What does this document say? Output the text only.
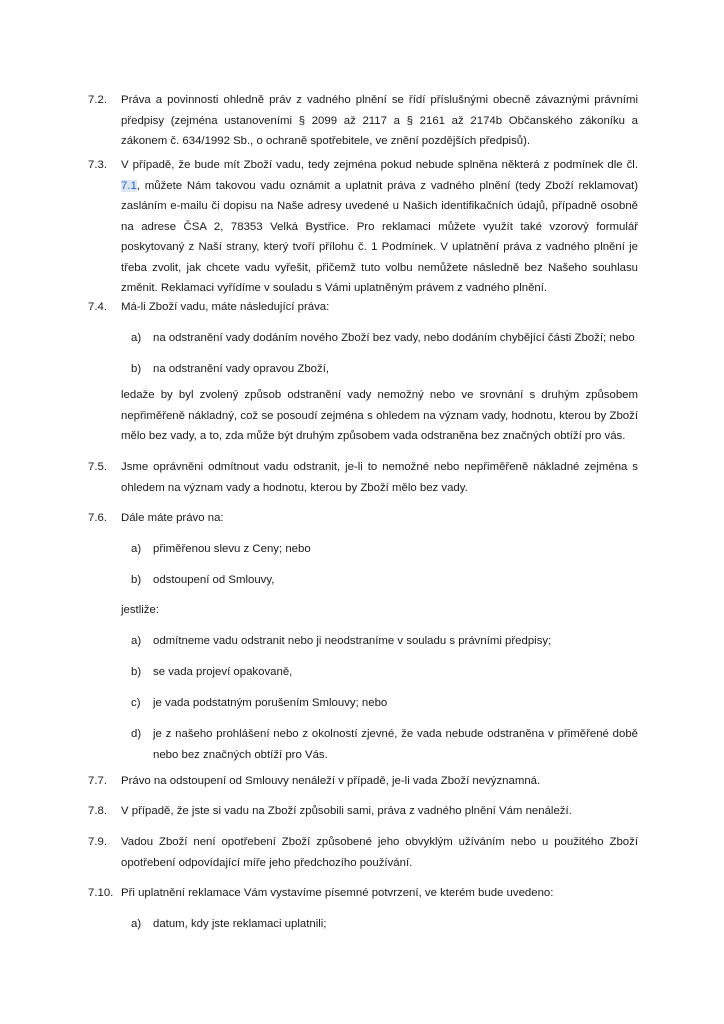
7.2.	Práva a povinnosti ohledně práv z vadného plnění se řídí příslušnými obecně závaznými právními předpisy (zejména ustanoveními § 2099 až 2117 a § 2161 až 2174b Občanského zákoníku a zákonem č. 634/1992 Sb., o ochraně spotřebitele, ve znění pozdějších předpisů).
7.3.	V případě, že bude mít Zboží vadu, tedy zejména pokud nebude splněna některá z podmínek dle čl. 7.1, můžete Nám takovou vadu oznámit a uplatnit práva z vadného plnění (tedy Zboží reklamovat) zasláním e-mailu či dopisu na Naše adresy uvedené u Našich identifikačních údajů, případně osobně na adrese ČSA 2, 78353 Velká Bystřice. Pro reklamaci můžete využít také vzorový formulář poskytovaný z Naší strany, který tvoří přílohu č. 1 Podmínek. V uplatnění práva z vadného plnění je třeba zvolit, jak chcete vadu vyřešit, přičemž tuto volbu nemůžete následně bez Našeho souhlasu změnit. Reklamaci vyřídíme v souladu s Vámi uplatněným právem z vadného plnění.
7.4.	Má-li Zboží vadu, máte následující práva:
a)	na odstranění vady dodáním nového Zboží bez vady, nebo dodáním chybějící části Zboží; nebo
b)	na odstranění vady opravou Zboží,
ledaže by byl zvolený způsob odstranění vady nemožný nebo ve srovnání s druhým způsobem nepřiměřeně nákladný, což se posoudí zejména s ohledem na význam vady, hodnotu, kterou by Zboží mělo bez vady, a to, zda může být druhým způsobem vada odstraněna bez značných obtíží pro vás.
7.5.	Jsme oprávněni odmítnout vadu odstranit, je-li to nemožné nebo nepřiměřeně nákladné zejména s ohledem na význam vady a hodnotu, kterou by Zboží mělo bez vady.
7.6.	Dále máte právo na:
a)	přiměřenou slevu z Ceny; nebo
b)	odstoupení od Smlouvy,
jestliže:
a)	odmítneme vadu odstranit nebo ji neodstraníme v souladu s právními předpisy;
b)	se vada projeví opakovaně,
c)	je vada podstatným porušením Smlouvy; nebo
d)	je z našeho prohlášení nebo z okolností zjevné, že vada nebude odstraněna v přiměřené době nebo bez značných obtíží pro Vás.
7.7.	Právo na odstoupení od Smlouvy nenáleží v případě, je-li vada Zboží nevýznamná.
7.8.	V případě, že jste si vadu na Zboží způsobili sami, práva z vadného plnění Vám nenáleží.
7.9.	Vadou Zboží není opotřebení Zboží způsobené jeho obvyklým užíváním nebo u použitého Zboží opotřebení odpovídající míře jeho předchozího používání.
7.10. Při uplatnění reklamace Vám vystavíme písemné potvrzení, ve kterém bude uvedeno:
a)	datum, kdy jste reklamaci uplatnili;
